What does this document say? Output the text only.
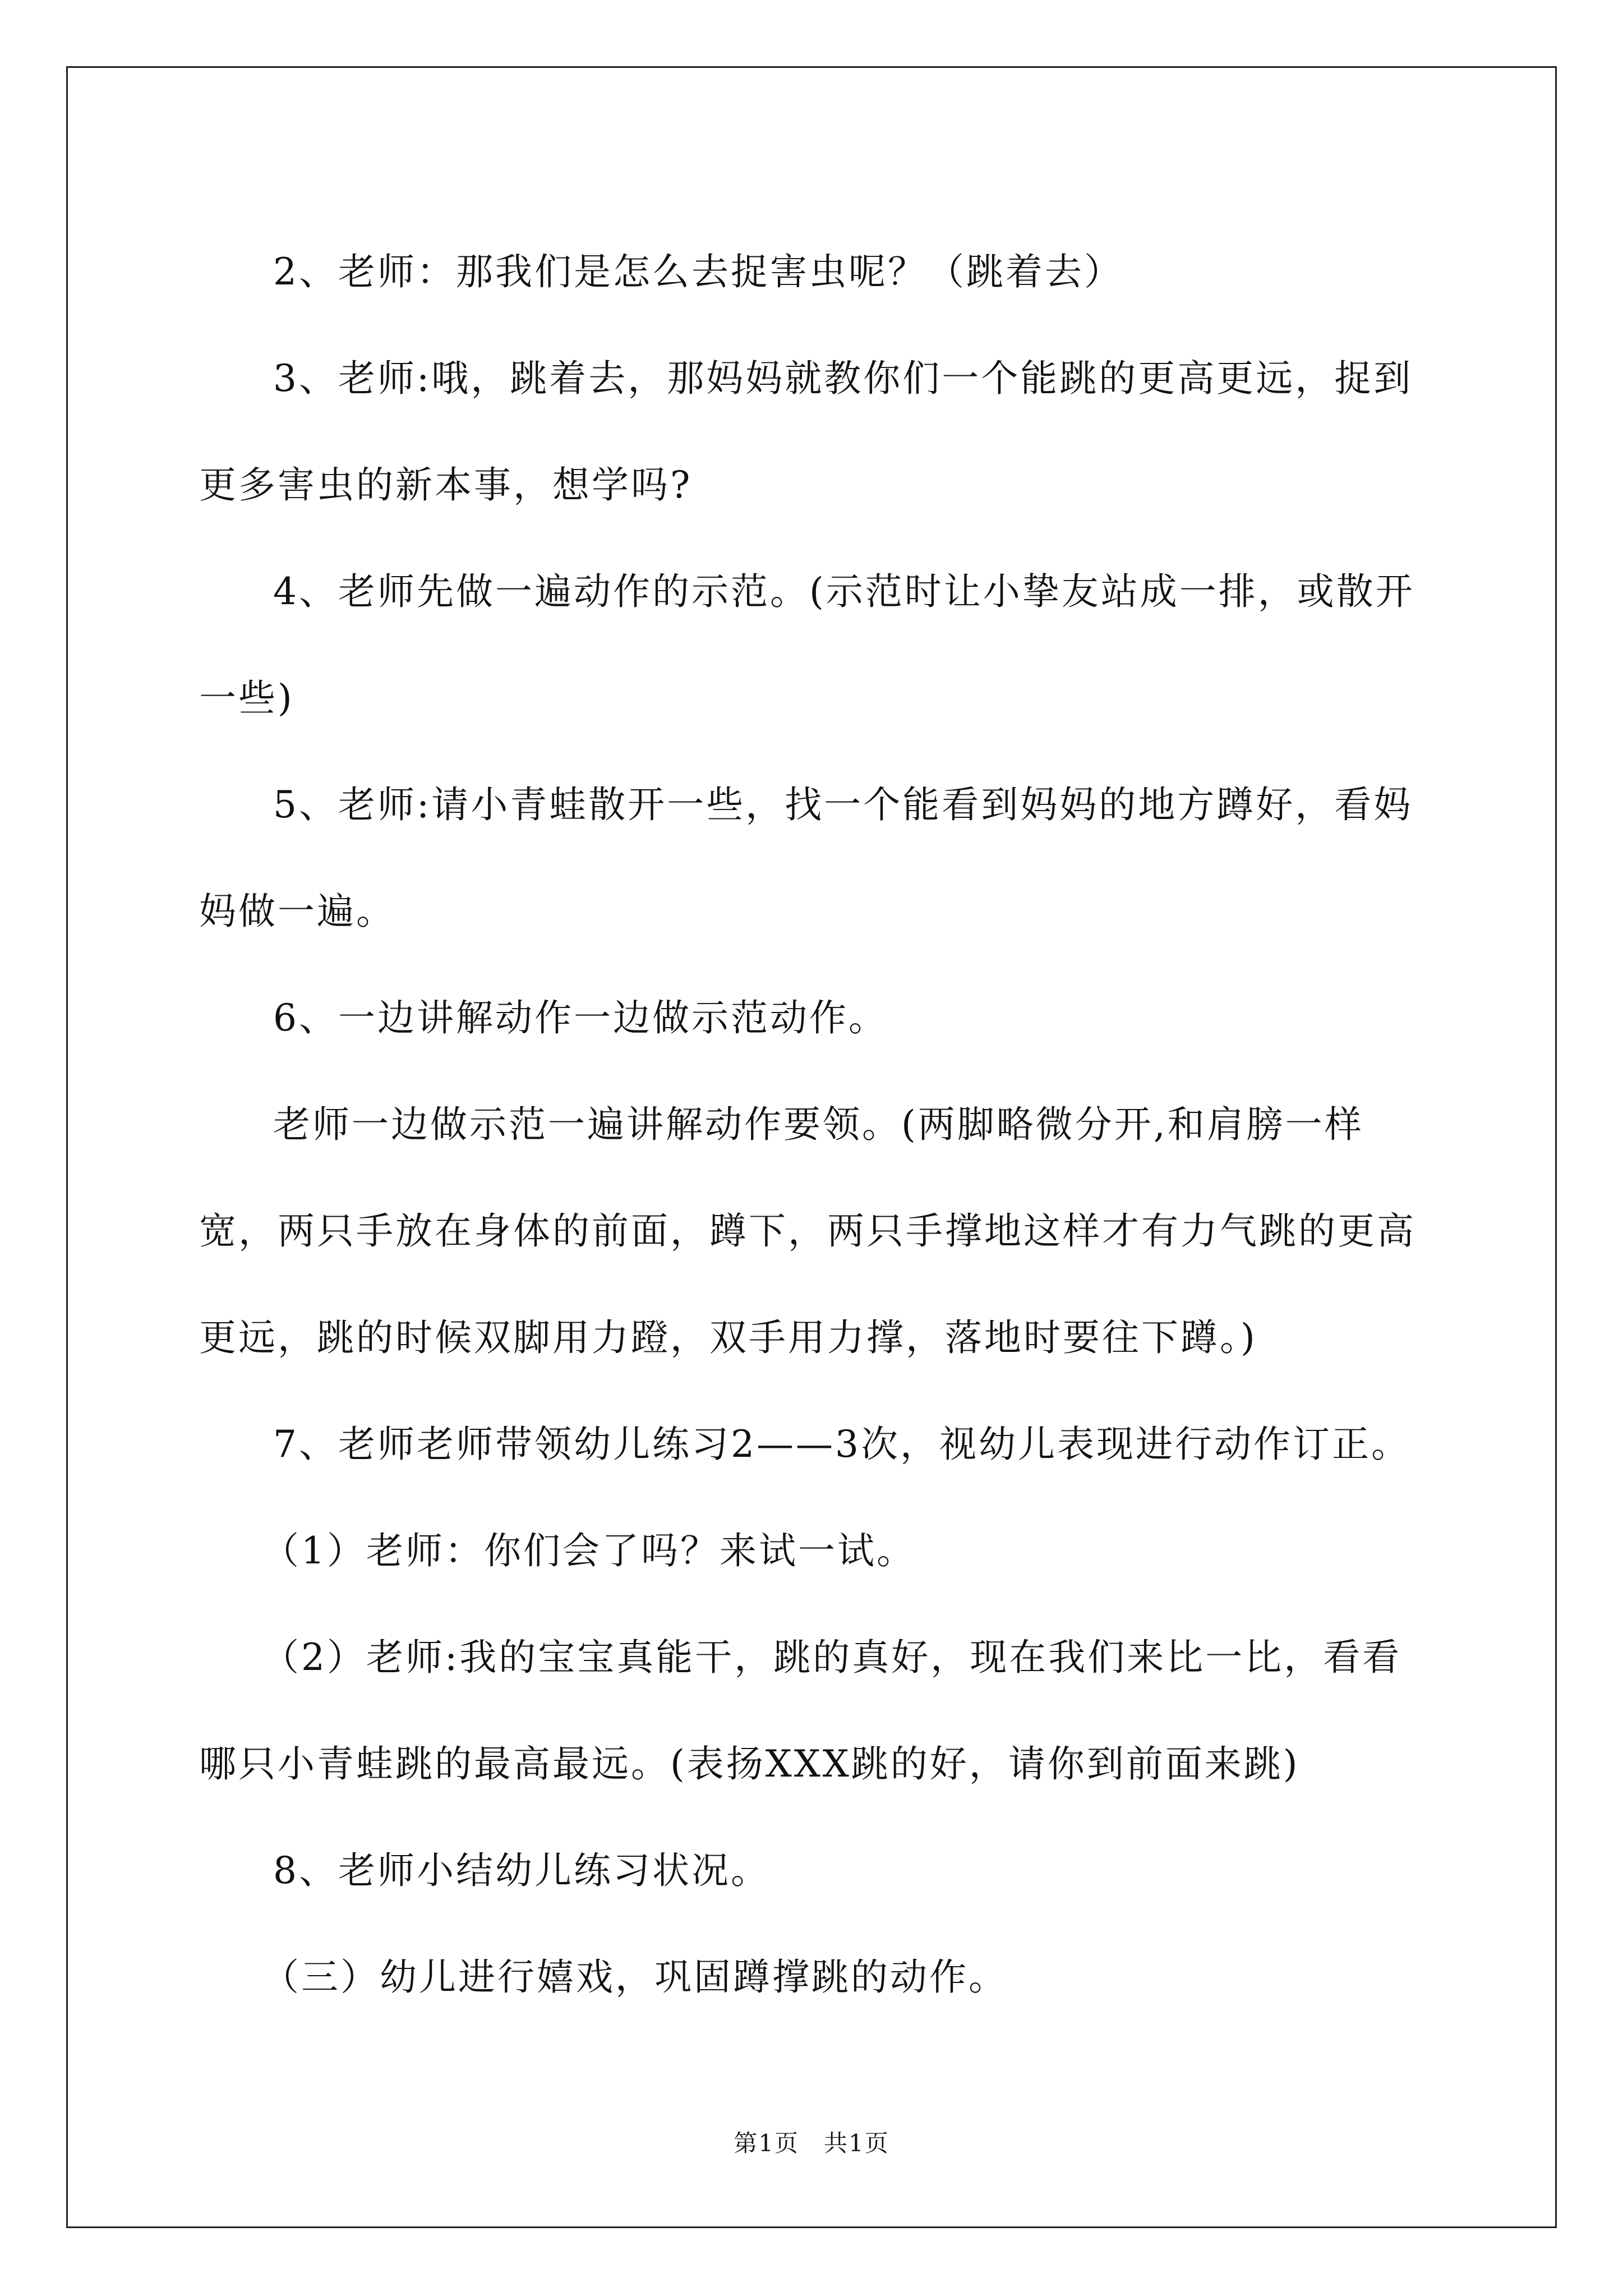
2、老师：那我们是怎么去捉害虫呢？（跳着去）

3、老师:哦，跳着去，那妈妈就教你们一个能跳的更高更远，捉到更多害虫的新本事，想学吗?

4、老师先做一遍动作的示范。(示范时让小挚友站成一排，或散开一些)

5、老师:请小青蛙散开一些，找一个能看到妈妈的地方蹲好，看妈妈做一遍。

6、一边讲解动作一边做示范动作。

老师一边做示范一遍讲解动作要领。(两脚略微分开,和肩膀一样宽，两只手放在身体的前面，蹲下，两只手撑地这样才有力气跳的更高更远，跳的时候双脚用力蹬，双手用力撑，落地时要往下蹲。)

7、老师老师带领幼儿练习2——3次，视幼儿表现进行动作订正。

（1）老师：你们会了吗？来试一试。

（2）老师:我的宝宝真能干，跳的真好，现在我们来比一比，看看哪只小青蛙跳的最高最远。(表扬XXX跳的好，请你到前面来跳)

8、老师小结幼儿练习状况。

（三）幼儿进行嬉戏，巩固蹲撑跳的动作。

第1页　共1页
